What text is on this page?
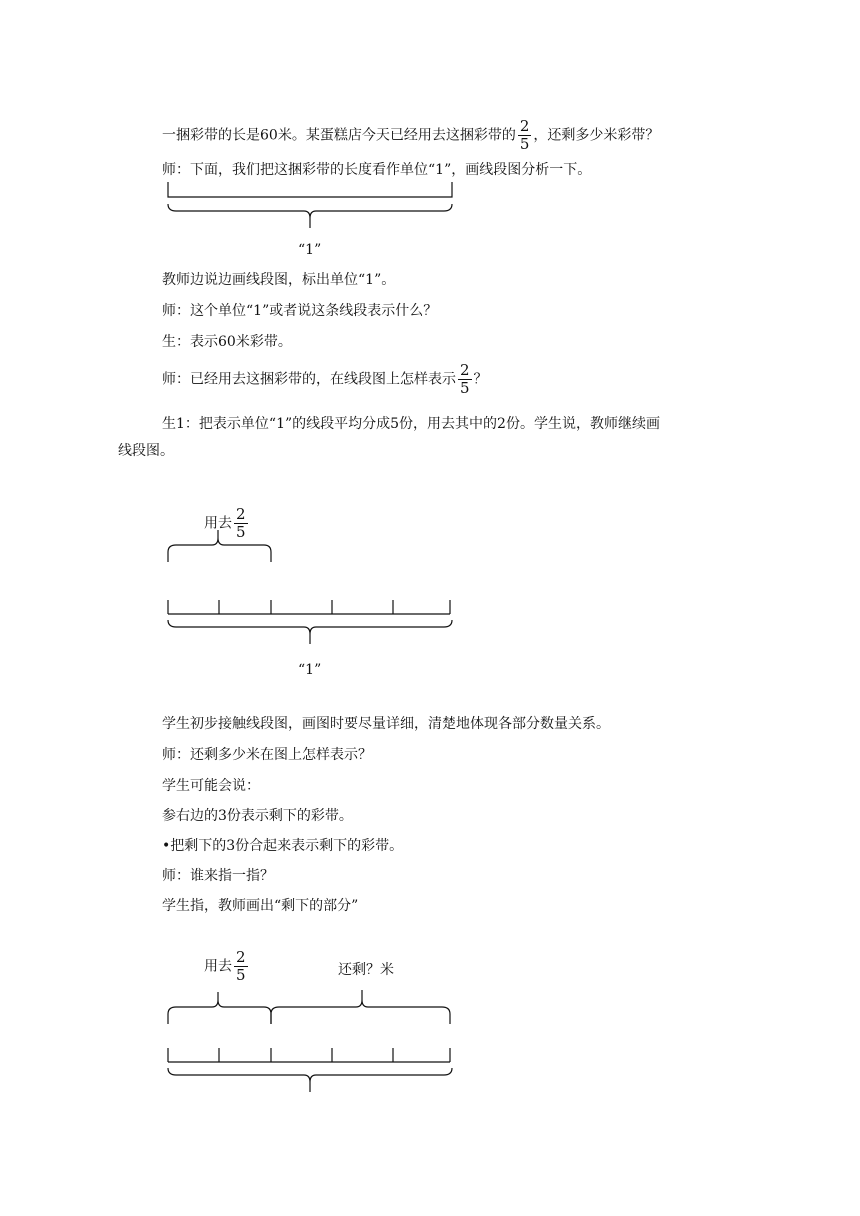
一捆彩带的长是60米。某蛋糕店今天已经用去这捆彩带的 $\frac{2}{5}$ ，还剩多少米彩带？
师：下面，我们把这捆彩带的长度看作单位“1”，画线段图分析一下。
“1”
教师边说边画线段图，标出单位“1”。
师：这个单位“1”或者说这条线段表示什么？
生：表示60米彩带。
师：已经用去这捆彩带的，在线段图上怎样表示 $\frac{2}{5}$ ？
生1：把表示单位“1”的线段平均分成5份，用去其中的2份。学生说，教师继续画
线段图。
用去 $\frac{2}{5}$
“1”
学生初步接触线段图，画图时要尽量详细，清楚地体现各部分数量关系。
师：还剩多少米在图上怎样表示？
学生可能会说：
参右边的3份表示剩下的彩带。
•把剩下的3份合起来表示剩下的彩带。
师：谁来指一指？
学生指，教师画出“剩下的部分”
用去 $\frac{2}{5}$	还剩？米
